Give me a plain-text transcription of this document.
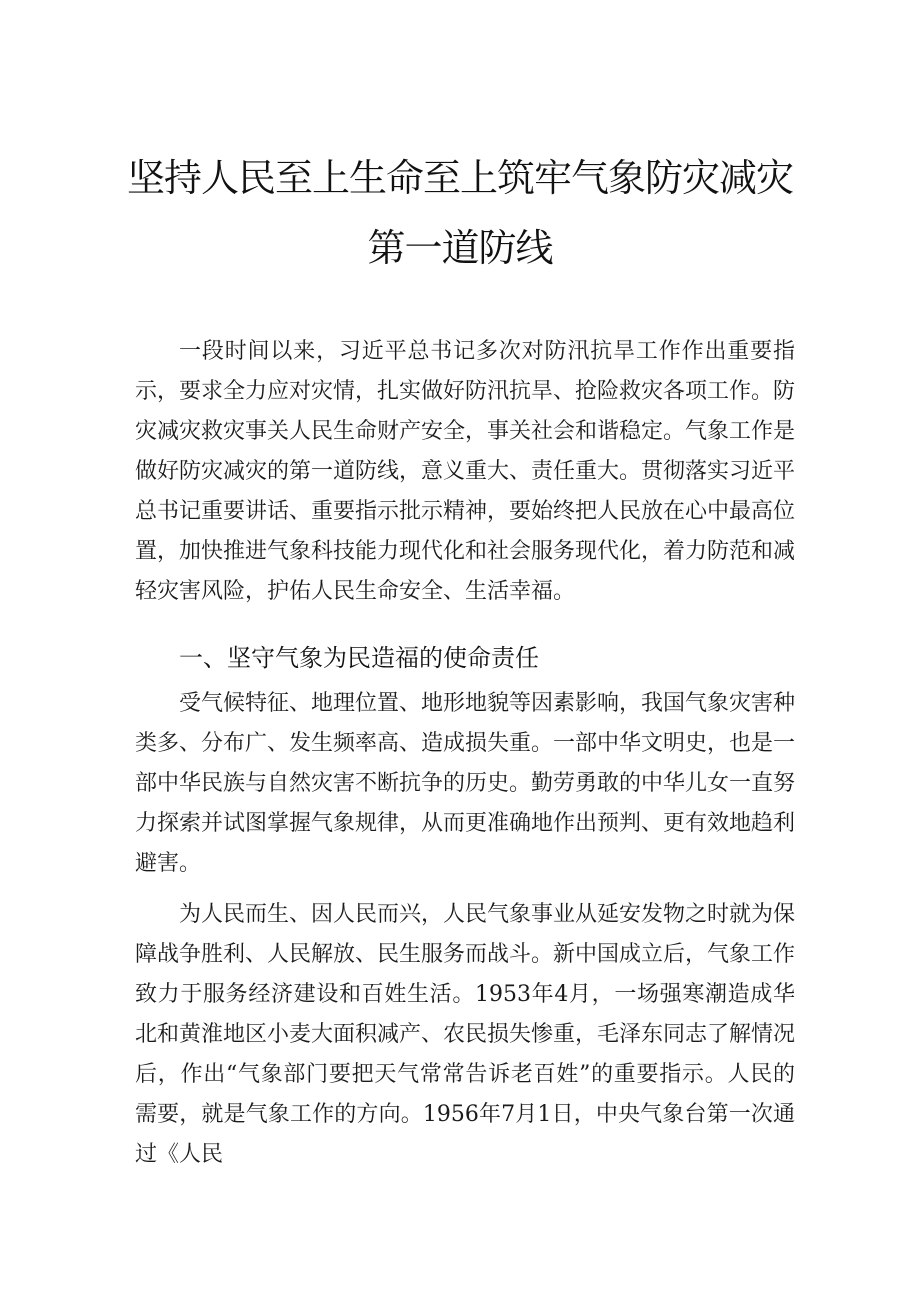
坚持人民至上生命至上筑牢气象防灾减灾
第一道防线

一段时间以来，习近平总书记多次对防汛抗旱工作作出重要指示，要求全力应对灾情，扎实做好防汛抗旱、抢险救灾各项工作。防灾减灾救灾事关人民生命财产安全，事关社会和谐稳定。气象工作是做好防灾减灾的第一道防线，意义重大、责任重大。贯彻落实习近平总书记重要讲话、重要指示批示精神，要始终把人民放在心中最高位置，加快推进气象科技能力现代化和社会服务现代化，着力防范和减轻灾害风险，护佑人民生命安全、生活幸福。

一、坚守气象为民造福的使命责任

受气候特征、地理位置、地形地貌等因素影响，我国气象灾害种类多、分布广、发生频率高、造成损失重。一部中华文明史，也是一部中华民族与自然灾害不断抗争的历史。勤劳勇敢的中华儿女一直努力探索并试图掌握气象规律，从而更准确地作出预判、更有效地趋利避害。

为人民而生、因人民而兴，人民气象事业从延安发物之时就为保障战争胜利、人民解放、民生服务而战斗。新中国成立后，气象工作致力于服务经济建设和百姓生活。1953年4月，一场强寒潮造成华北和黄淮地区小麦大面积减产、农民损失惨重，毛泽东同志了解情况后，作出“气象部门要把天气常常告诉老百姓”的重要指示。人民的需要，就是气象工作的方向。1956年7月1日，中央气象台第一次通过《人民
